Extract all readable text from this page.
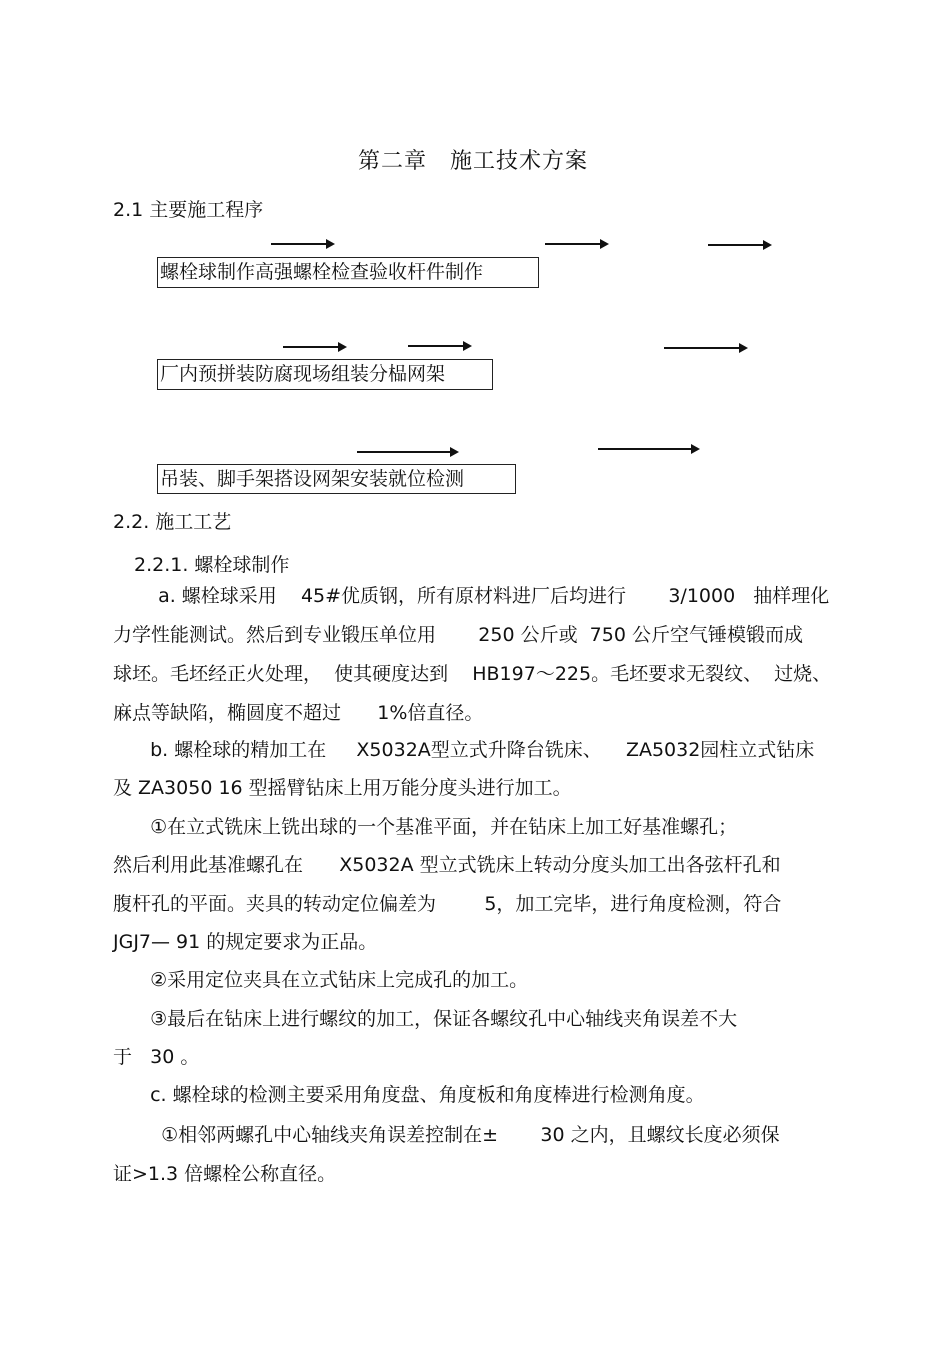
第二章　施工技术方案
2.1 主要施工程序
螺栓球制作高强螺栓检查验收杆件制作
厂内预拼装防腐现场组装分榀网架
吊装、脚手架搭设网架安装就位检测
2.2. 施工工艺
2.2.1. 螺栓球制作
a. 螺栓球采用    45#优质钢，所有原材料进厂后均进行       3/1000   抽样理化
力学性能测试。然后到专业锻压单位用       250 公斤或  750 公斤空气锤模锻而成
球坯。毛坯经正火处理，  使其硬度达到    HB197～225。毛坯要求无裂纹、  过烧、
麻点等缺陷，椭圆度不超过      1%倍直径。
b. 螺栓球的精加工在     X5032A型立式升降台铣床、    ZA5032园柱立式钻床
及 ZA3050 16 型摇臂钻床上用万能分度头进行加工。
①在立式铣床上铣出球的一个基准平面，并在钻床上加工好基准螺孔；
然后利用此基准螺孔在      X5032A 型立式铣床上转动分度头加工出各弦杆孔和
腹杆孔的平面。夹具的转动定位偏差为        5，加工完毕，进行角度检测，符合
JGJ7— 91 的规定要求为正品。
②采用定位夹具在立式钻床上完成孔的加工。
③最后在钻床上进行螺纹的加工，保证各螺纹孔中心轴线夹角误差不大
于   30 。
c. 螺栓球的检测主要采用角度盘、角度板和角度棒进行检测角度。
①相邻两螺孔中心轴线夹角误差控制在±       30 之内，且螺纹长度必须保
证>1.3 倍螺栓公称直径。
